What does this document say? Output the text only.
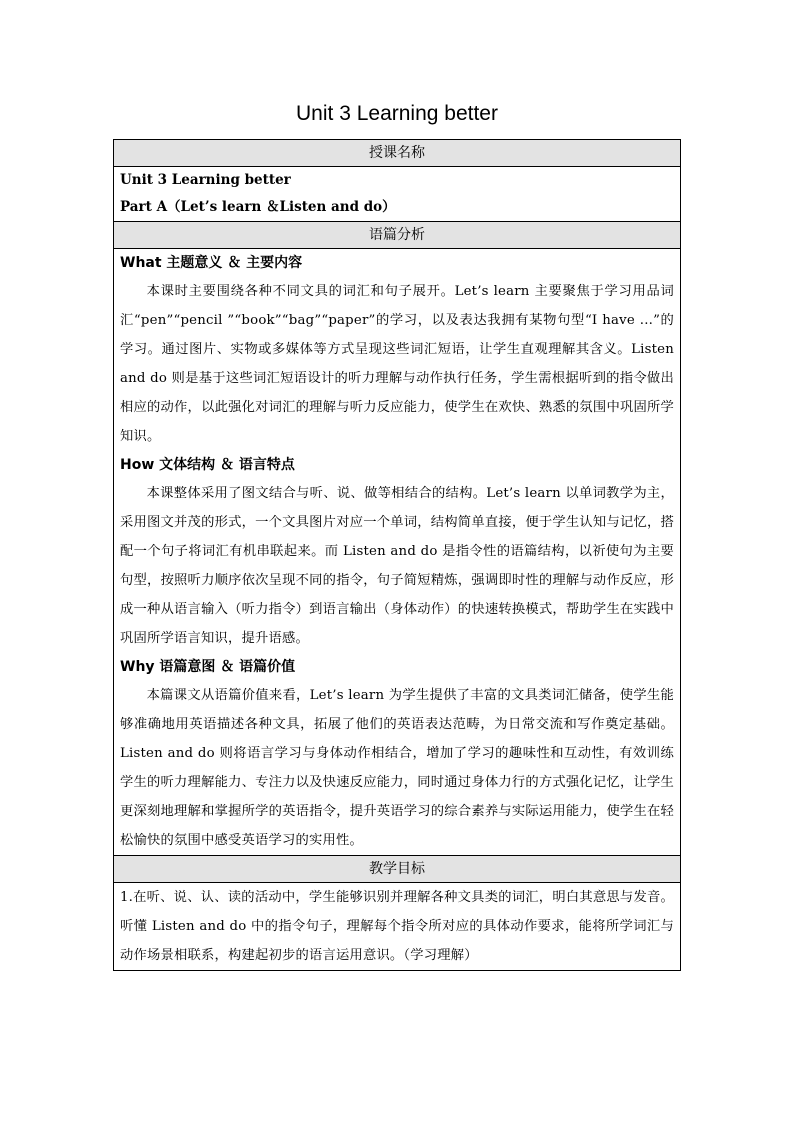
Unit 3 Learning better
授课名称

Unit 3 Learning better
Part A（Let’s learn ＆Listen and do）

语篇分析

What 主题意义 ＆ 主要内容

本课时主要围绕各种不同文具的词汇和句子展开。Let’s learn 主要聚焦于学习用品词汇“pen”“pencil ”“book”“bag”“paper”的学习，以及表达我拥有某物句型“I have ...”的学习。通过图片、实物或多媒体等方式呈现这些词汇短语，让学生直观理解其含义。Listen and do 则是基于这些词汇短语设计的听力理解与动作执行任务，学生需根据听到的指令做出相应的动作，以此强化对词汇的理解与听力反应能力，使学生在欢快、熟悉的氛围中巩固所学知识。

How 文体结构 ＆ 语言特点

本课整体采用了图文结合与听、说、做等相结合的结构。Let’s learn 以单词教学为主，采用图文并茂的形式，一个文具图片对应一个单词，结构简单直接，便于学生认知与记忆，搭配一个句子将词汇有机串联起来。而 Listen and do 是指令性的语篇结构，以祈使句为主要句型，按照听力顺序依次呈现不同的指令，句子简短精炼，强调即时性的理解与动作反应，形成一种从语言输入（听力指令）到语言输出（身体动作）的快速转换模式，帮助学生在实践中巩固所学语言知识，提升语感。

Why 语篇意图 ＆ 语篇价值

本篇课文从语篇价值来看，Let’s learn 为学生提供了丰富的文具类词汇储备，使学生能够准确地用英语描述各种文具，拓展了他们的英语表达范畴，为日常交流和写作奠定基础。Listen and do 则将语言学习与身体动作相结合，增加了学习的趣味性和互动性，有效训练学生的听力理解能力、专注力以及快速反应能力，同时通过身体力行的方式强化记忆，让学生更深刻地理解和掌握所学的英语指令，提升英语学习的综合素养与实际运用能力，使学生在轻松愉快的氛围中感受英语学习的实用性。

教学目标

1.在听、说、认、读的活动中，学生能够识别并理解各种文具类的词汇，明白其意思与发音。听懂 Listen and do 中的指令句子，理解每个指令所对应的具体动作要求，能将所学词汇与动作场景相联系，构建起初步的语言运用意识。（学习理解）
